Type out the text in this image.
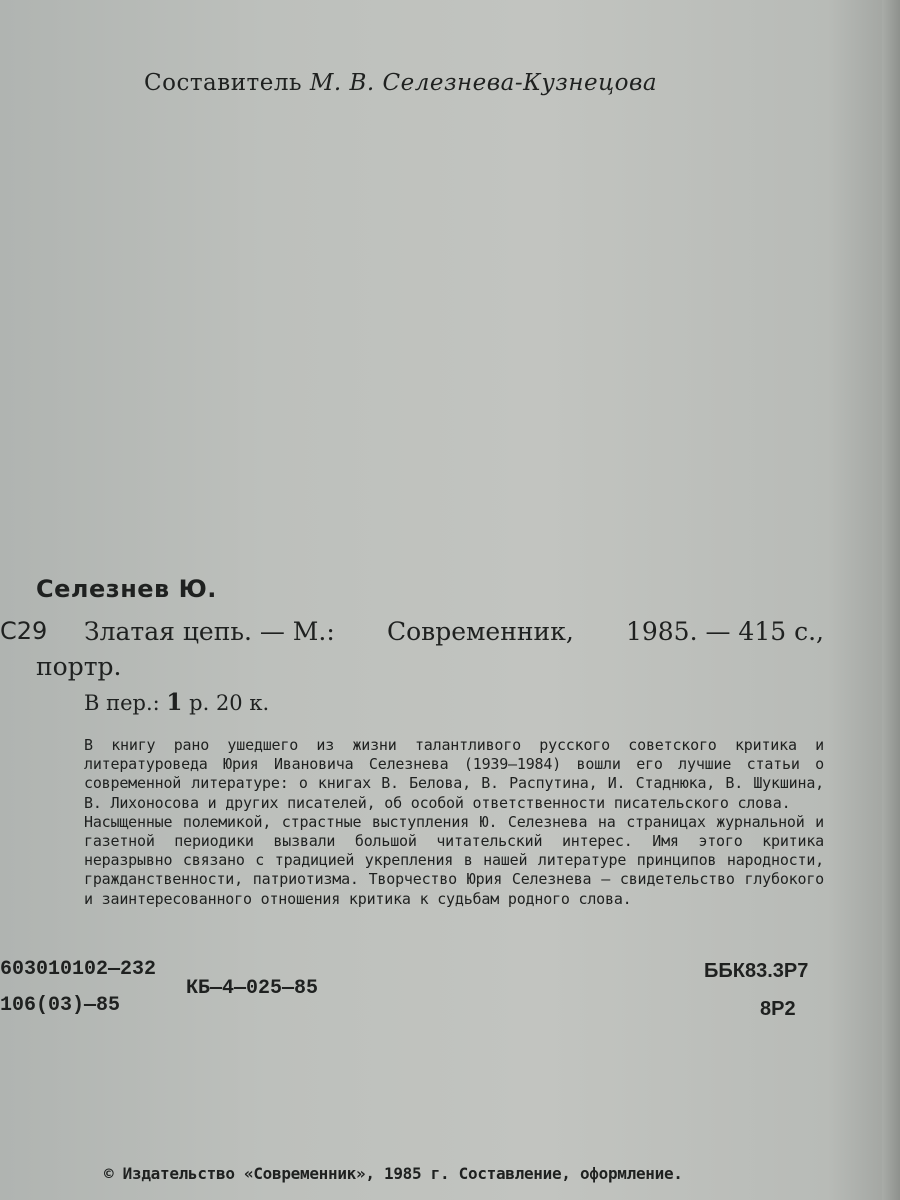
Составитель М. В. Селезнева-Кузнецова
Селезнев Ю.
С29 Златая цепь. — М.: Современник, 1985. — 415 с.,
портр.
В пер.: 1 р. 20 к.

В книгу рано ушедшего из жизни талантливого русского советского критика и литературоведа Юрия Ивановича Селезнева (1939—1984) вошли его лучшие статьи о современной литературе: о книгах В. Белова, В. Распутина, И. Стаднюка, В. Шукшина, В. Лихоносова и других писателей, об особой ответственности писательского слова.

Насыщенные полемикой, страстные выступления Ю. Селезнева на страницах журнальной и газетной периодики вызвали большой читательский интерес. Имя этого критика неразрывно связано с традицией укрепления в нашей литературе принципов народности, гражданственности, патриотизма. Творчество Юрия Селезнева — свидетельство глубокого и заинтересованного отношения критика к судьбам родного слова.

603010102—232
106(03)—85
КБ—4—025—85
ББК83.3Р7
8Р2
© Издательство «Современник», 1985 г. Составление, оформление.
